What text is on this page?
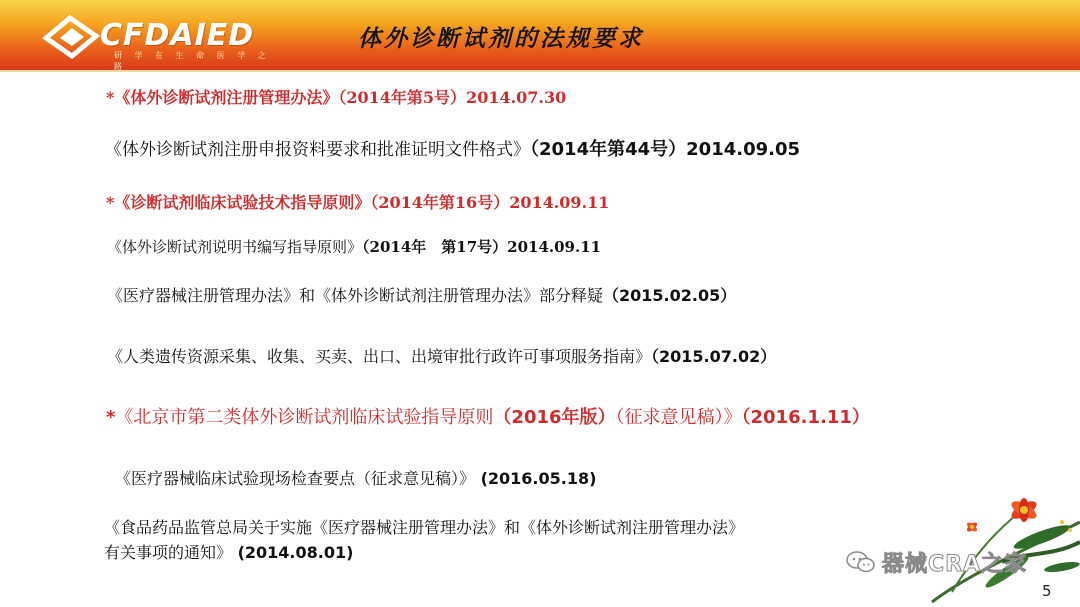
CFDAIED
研 学 在 生 命 医 学 之 路
体外诊断试剂的法规要求
*《体外诊断试剂注册管理办法》（2014年第5号）2014.07.30
《体外诊断试剂注册申报资料要求和批准证明文件格式》（2014年第44号）2014.09.05
*《诊断试剂临床试验技术指导原则》（2014年第16号）2014.09.11
《体外诊断试剂说明书编写指导原则》（2014年　第17号）2014.09.11
《医疗器械注册管理办法》和《体外诊断试剂注册管理办法》部分释疑（2015.02.05）
《人类遗传资源采集、收集、买卖、出口、出境审批行政许可事项服务指南》（2015.07.02）
*《北京市第二类体外诊断试剂临床试验指导原则（2016年版）（征求意见稿）》（2016.1.11）
《医疗器械临床试验现场检查要点（征求意见稿）》 (2016.05.18)
《食品药品监管总局关于实施《医疗器械注册管理办法》和《体外诊断试剂注册管理办法》
有关事项的通知》 (2014.08.01)	器械CRA之家
5
